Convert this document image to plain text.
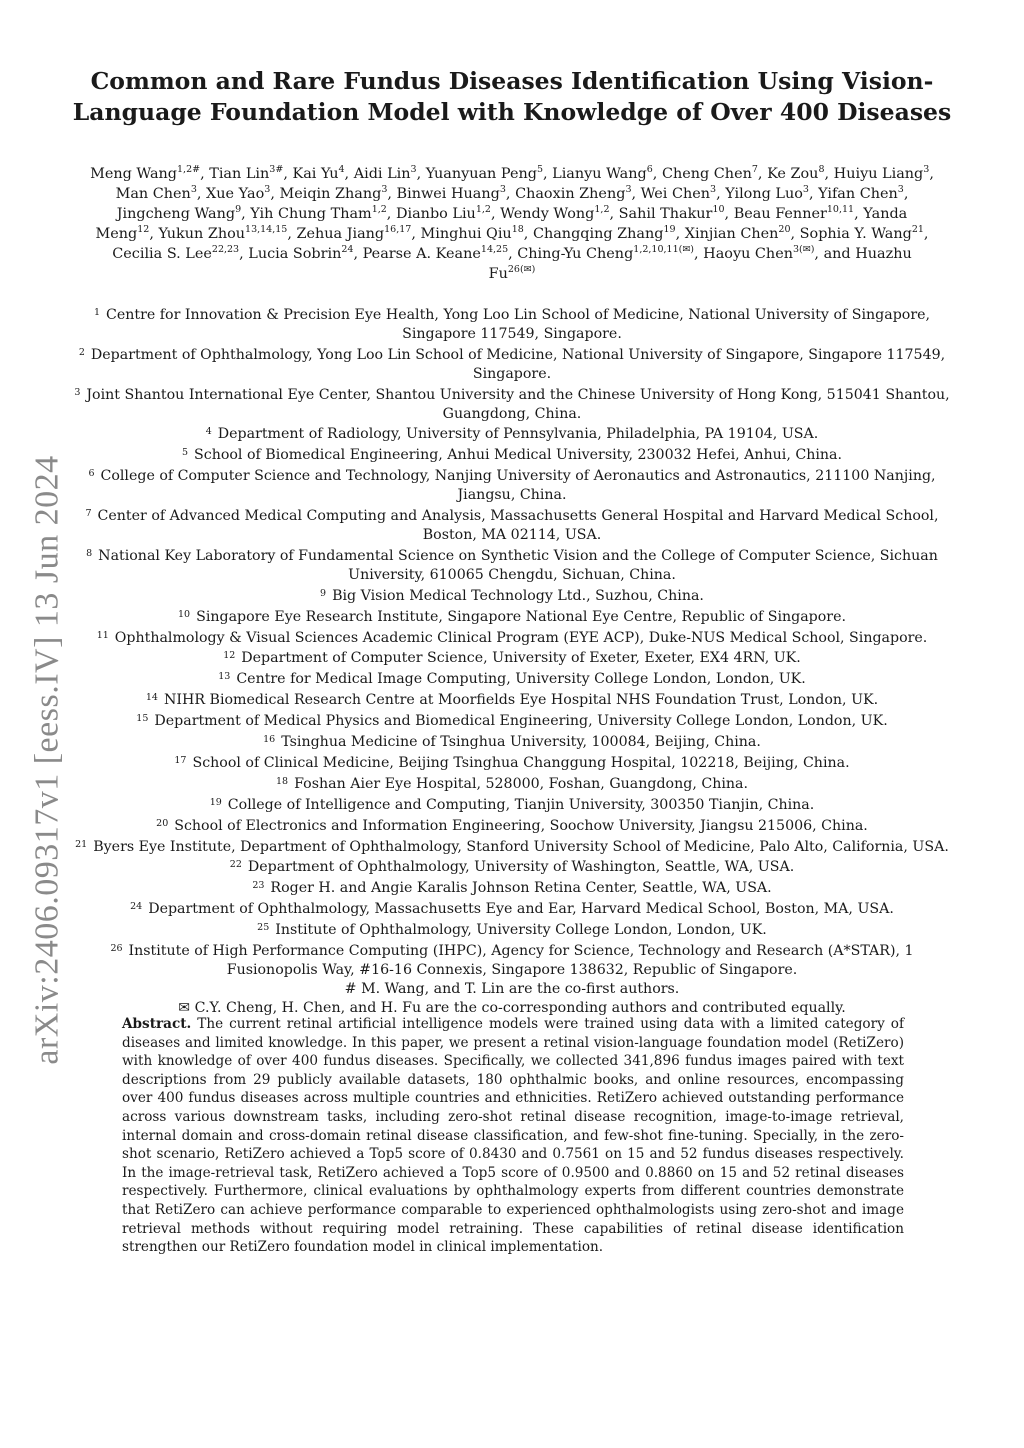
arXiv:2406.09317v1 [eess.IV] 13 Jun 2024
Common and Rare Fundus Diseases Identification Using Vision-Language Foundation Model with Knowledge of Over 400 Diseases
Meng Wang$^{1,2\#}$, Tian Lin$^{3\#}$, Kai Yu$^4$, Aidi Lin$^3$, Yuanyuan Peng$^5$, Lianyu Wang$^6$, Cheng Chen$^7$, Ke Zou$^8$, Huiyu Liang$^3$, Man Chen$^3$, Xue Yao$^3$, Meiqin Zhang$^3$, Binwei Huang$^3$, Chaoxin Zheng$^3$, Wei Chen$^3$, Yilong Luo$^3$, Yifan Chen$^3$, Jingcheng Wang$^9$, Yih Chung Tham$^{1,2}$, Dianbo Liu$^{1,2}$, Wendy Wong$^{1,2}$, Sahil Thakur$^{10}$, Beau Fenner$^{10,11}$, Yanda Meng$^{12}$, Yukun Zhou$^{13,14,15}$, Zehua Jiang$^{16,17}$, Minghui Qiu$^{18}$, Changqing Zhang$^{19}$, Xinjian Chen$^{20}$, Sophia Y. Wang$^{21}$, Cecilia S. Lee$^{22,23}$, Lucia Sobrin$^{24}$, Pearse A. Keane$^{14,25}$, Ching-Yu Cheng$^{1,2,10,11(✉)}$, Haoyu Chen$^{3(✉)}$, and Huazhu $Fu^{26(✉)}$

$^1$ Centre for Innovation & Precision Eye Health, Yong Loo Lin School of Medicine, National University of Singapore, Singapore 117549, Singapore.

$^2$ Department of Ophthalmology, Yong Loo Lin School of Medicine, National University of Singapore, Singapore 117549, Singapore.

$^3$ Joint Shantou International Eye Center, Shantou University and the Chinese University of Hong Kong, 515041 Shantou, Guangdong, China.

$^4$ Department of Radiology, University of Pennsylvania, Philadelphia, PA 19104, USA.

$^5$ School of Biomedical Engineering, Anhui Medical University, 230032 Hefei, Anhui, China.

$^6$ College of Computer Science and Technology, Nanjing University of Aeronautics and Astronautics, 211100 Nanjing, Jiangsu, China.

$^7$ Center of Advanced Medical Computing and Analysis, Massachusetts General Hospital and Harvard Medical School, Boston, MA 02114, USA.

$^8$ National Key Laboratory of Fundamental Science on Synthetic Vision and the College of Computer Science, Sichuan University, 610065 Chengdu, Sichuan, China.

$^9$ Big Vision Medical Technology Ltd., Suzhou, China.

$^{10}$ Singapore Eye Research Institute, Singapore National Eye Centre, Republic of Singapore.

$^{11}$ Ophthalmology & Visual Sciences Academic Clinical Program (EYE ACP), Duke-NUS Medical School, Singapore.

$^{12}$ Department of Computer Science, University of Exeter, Exeter, EX4 4RN, UK.

$^{13}$ Centre for Medical Image Computing, University College London, London, UK.

$^{14}$ NIHR Biomedical Research Centre at Moorfields Eye Hospital NHS Foundation Trust, London, UK.

$^{15}$ Department of Medical Physics and Biomedical Engineering, University College London, London, UK.

$^{16}$ Tsinghua Medicine of Tsinghua University, 100084, Beijing, China.

$^{17}$ School of Clinical Medicine, Beijing Tsinghua Changgung Hospital, 102218, Beijing, China.

$^{18}$ Foshan Aier Eye Hospital, 528000, Foshan, Guangdong, China.

$^{19}$ College of Intelligence and Computing, Tianjin University, 300350 Tianjin, China.

$^{20}$ School of Electronics and Information Engineering, Soochow University, Jiangsu 215006, China.

$^{21}$ Byers Eye Institute, Department of Ophthalmology, Stanford University School of Medicine, Palo Alto, California, USA.

$^{22}$ Department of Ophthalmology, University of Washington, Seattle, WA, USA.

$^{23}$ Roger H. and Angie Karalis Johnson Retina Center, Seattle, WA, USA.

$^{24}$ Department of Ophthalmology, Massachusetts Eye and Ear, Harvard Medical School, Boston, MA, USA.

$^{25}$ Institute of Ophthalmology, University College London, London, UK.

$^{26}$ Institute of High Performance Computing (IHPC), Agency for Science, Technology and Research (A*STAR), 1 Fusionopolis Way, #16-16 Connexis, Singapore 138632, Republic of Singapore.

# M. Wang, and T. Lin are the co-first authors.

✉ C.Y. Cheng, H. Chen, and H. Fu are the co-corresponding authors and contributed equally.

Abstract. The current retinal artificial intelligence models were trained using data with a limited category of diseases and limited knowledge. In this paper, we present a retinal vision-language foundation model (RetiZero) with knowledge of over 400 fundus diseases. Specifically, we collected 341,896 fundus images paired with text descriptions from 29 publicly available datasets, 180 ophthalmic books, and online resources, encompassing over 400 fundus diseases across multiple countries and ethnicities. RetiZero achieved outstanding performance across various downstream tasks, including zero-shot retinal disease recognition, image-to-image retrieval, internal domain and cross-domain retinal disease classification, and few-shot fine-tuning. Specially, in the zero-shot scenario, RetiZero achieved a Top5 score of 0.8430 and 0.7561 on 15 and 52 fundus diseases respectively. In the image-retrieval task, RetiZero achieved a Top5 score of 0.9500 and 0.8860 on 15 and 52 retinal diseases respectively. Furthermore, clinical evaluations by ophthalmology experts from different countries demonstrate that RetiZero can achieve performance comparable to experienced ophthalmologists using zero-shot and image retrieval methods without requiring model retraining. These capabilities of retinal disease identification strengthen our RetiZero foundation model in clinical implementation.
